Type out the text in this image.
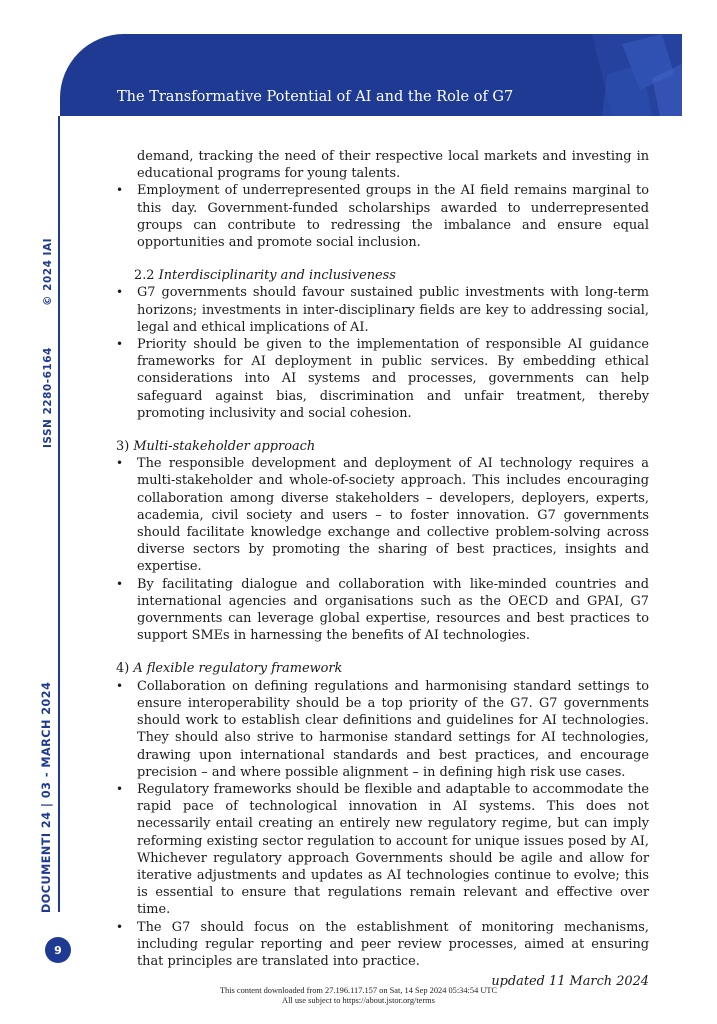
The Transformative Potential of AI and the Role of G7
© 2024 IAI
ISSN 2280-6164
DOCUMENTI 24 | 03 - MARCH 2024
9
demand, tracking the need of their respective local markets and investing in educational programs for young talents.
• Employment of underrepresented groups in the AI field remains marginal to this day. Government-funded scholarships awarded to underrepresented groups can contribute to redressing the imbalance and ensure equal opportunities and promote social inclusion.
2.2 Interdisciplinarity and inclusiveness
• G7 governments should favour sustained public investments with long-term horizons; investments in inter-disciplinary fields are key to addressing social, legal and ethical implications of AI.
• Priority should be given to the implementation of responsible AI guidance frameworks for AI deployment in public services. By embedding ethical considerations into AI systems and processes, governments can help safeguard against bias, discrimination and unfair treatment, thereby promoting inclusivity and social cohesion.
3) Multi-stakeholder approach
• The responsible development and deployment of AI technology requires a multi-stakeholder and whole-of-society approach. This includes encouraging collaboration among diverse stakeholders – developers, deployers, experts, academia, civil society and users – to foster innovation. G7 governments should facilitate knowledge exchange and collective problem-solving across diverse sectors by promoting the sharing of best practices, insights and expertise.
• By facilitating dialogue and collaboration with like-minded countries and international agencies and organisations such as the OECD and GPAI, G7 governments can leverage global expertise, resources and best practices to support SMEs in harnessing the benefits of AI technologies.
4) A flexible regulatory framework
• Collaboration on defining regulations and harmonising standard settings to ensure interoperability should be a top priority of the G7. G7 governments should work to establish clear definitions and guidelines for AI technologies. They should also strive to harmonise standard settings for AI technologies, drawing upon international standards and best practices, and encourage precision – and where possible alignment – in defining high risk use cases.
• Regulatory frameworks should be flexible and adaptable to accommodate the rapid pace of technological innovation in AI systems. This does not necessarily entail creating an entirely new regulatory regime, but can imply reforming existing sector regulation to account for unique issues posed by AI, Whichever regulatory approach Governments should be agile and allow for iterative adjustments and updates as AI technologies continue to evolve; this is essential to ensure that regulations remain relevant and effective over time.
• The G7 should focus on the establishment of monitoring mechanisms, including regular reporting and peer review processes, aimed at ensuring that principles are translated into practice.
updated 11 March 2024
This content downloaded from 27.196.117.157 on Sat, 14 Sep 2024 05:34:54 UTC
All use subject to https://about.jstor.org/terms
